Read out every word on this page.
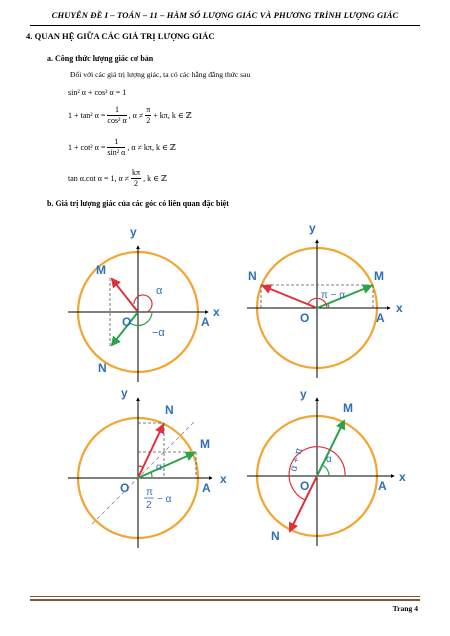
CHUYÊN ĐỀ I – TOÁN – 11 – HÀM SỐ LƯỢNG GIÁC VÀ PHƯƠNG TRÌNH LƯỢNG GIÁC
4. QUAN HỆ GIỮA CÁC GIÁ TRỊ LƯỢNG GIÁC
a. Công thức lượng giác cơ bản
Đối với các giá trị lượng giác, ta có các hằng đẳng thức sau
sin² α + cos² α = 1
1 + tan² $\alpha = \frac{1}{\text{cos² α}}$ , $\alpha \ne \frac{\pi}{2} + k\pi$, k ∈ ℤ
1 + cot² $\alpha = \frac{1}{\text{sin² α}}$ , α ≠ kπ, k ∈ ℤ
tan α.cot α = 1, $\alpha \ne \frac{k\pi}{2}$ , k ∈ ℤ
b. Giá trị lượng giác của các góc có liên quan đặc biệt
y
x
O	A
M
N
α
−α
y
x
O	A
M
N
π − α
y
x
O	A
M
N
α
π
2
− α
y
x
O	A
M
N
α
α + π
Trang 4
